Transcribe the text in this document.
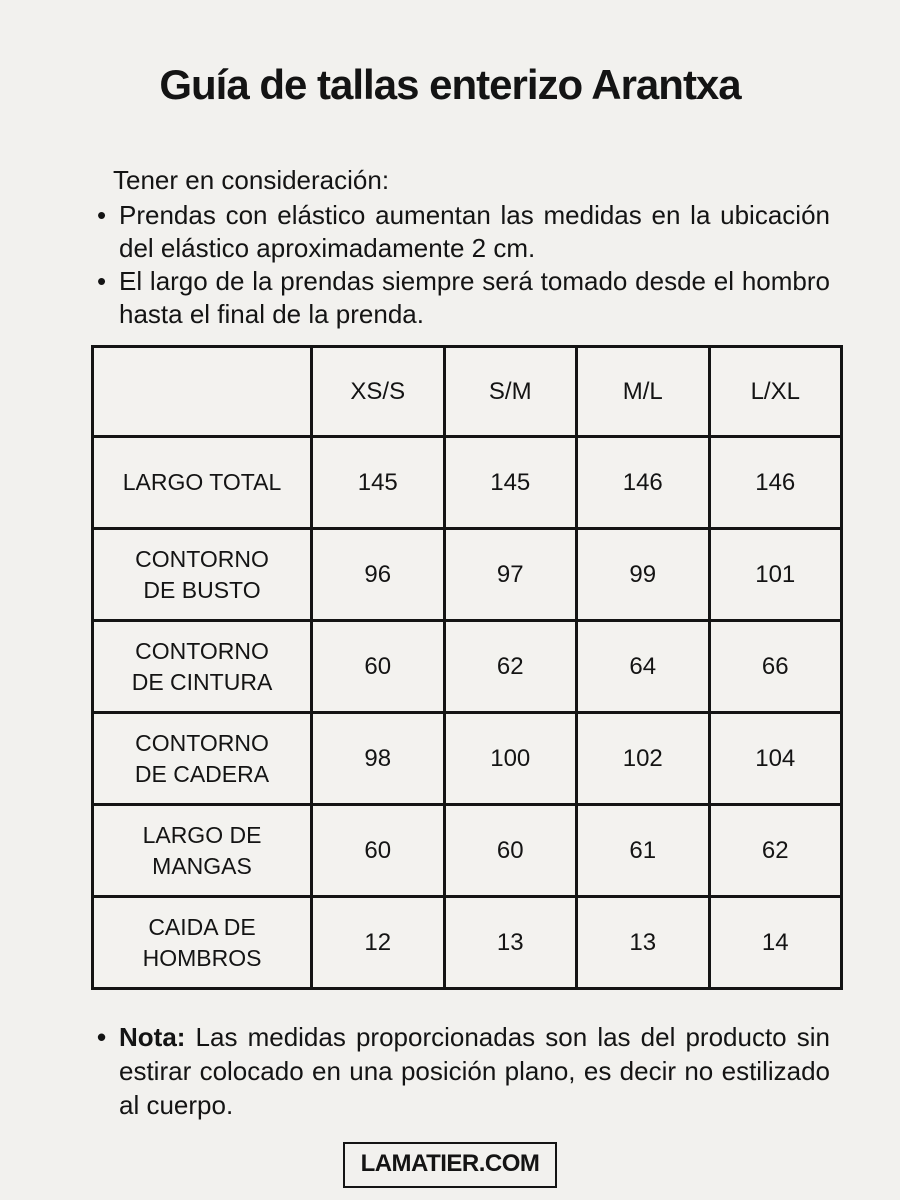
Guía de tallas enterizo Arantxa
Tener en consideración:
• Prendas con elástico aumentan las medidas en la ubicación del elástico aproximadamente 2 cm.
• El largo de la prendas siempre será tomado desde el hombro hasta el final de la prenda.
	XS/S	S/M	M/L	L/XL
LARGO TOTAL	145	145	146	146
CONTORNO DE BUSTO	96	97	99	101
CONTORNO DE CINTURA	60	62	64	66
CONTORNO DE CADERA	98	100	102	104
LARGO DE MANGAS	60	60	61	62
CAIDA DE HOMBROS	12	13	13	14
• Nota: Las medidas proporcionadas son las del producto sin estirar colocado en una posición plano, es decir no estilizado al cuerpo.
LAMATIER.COM
